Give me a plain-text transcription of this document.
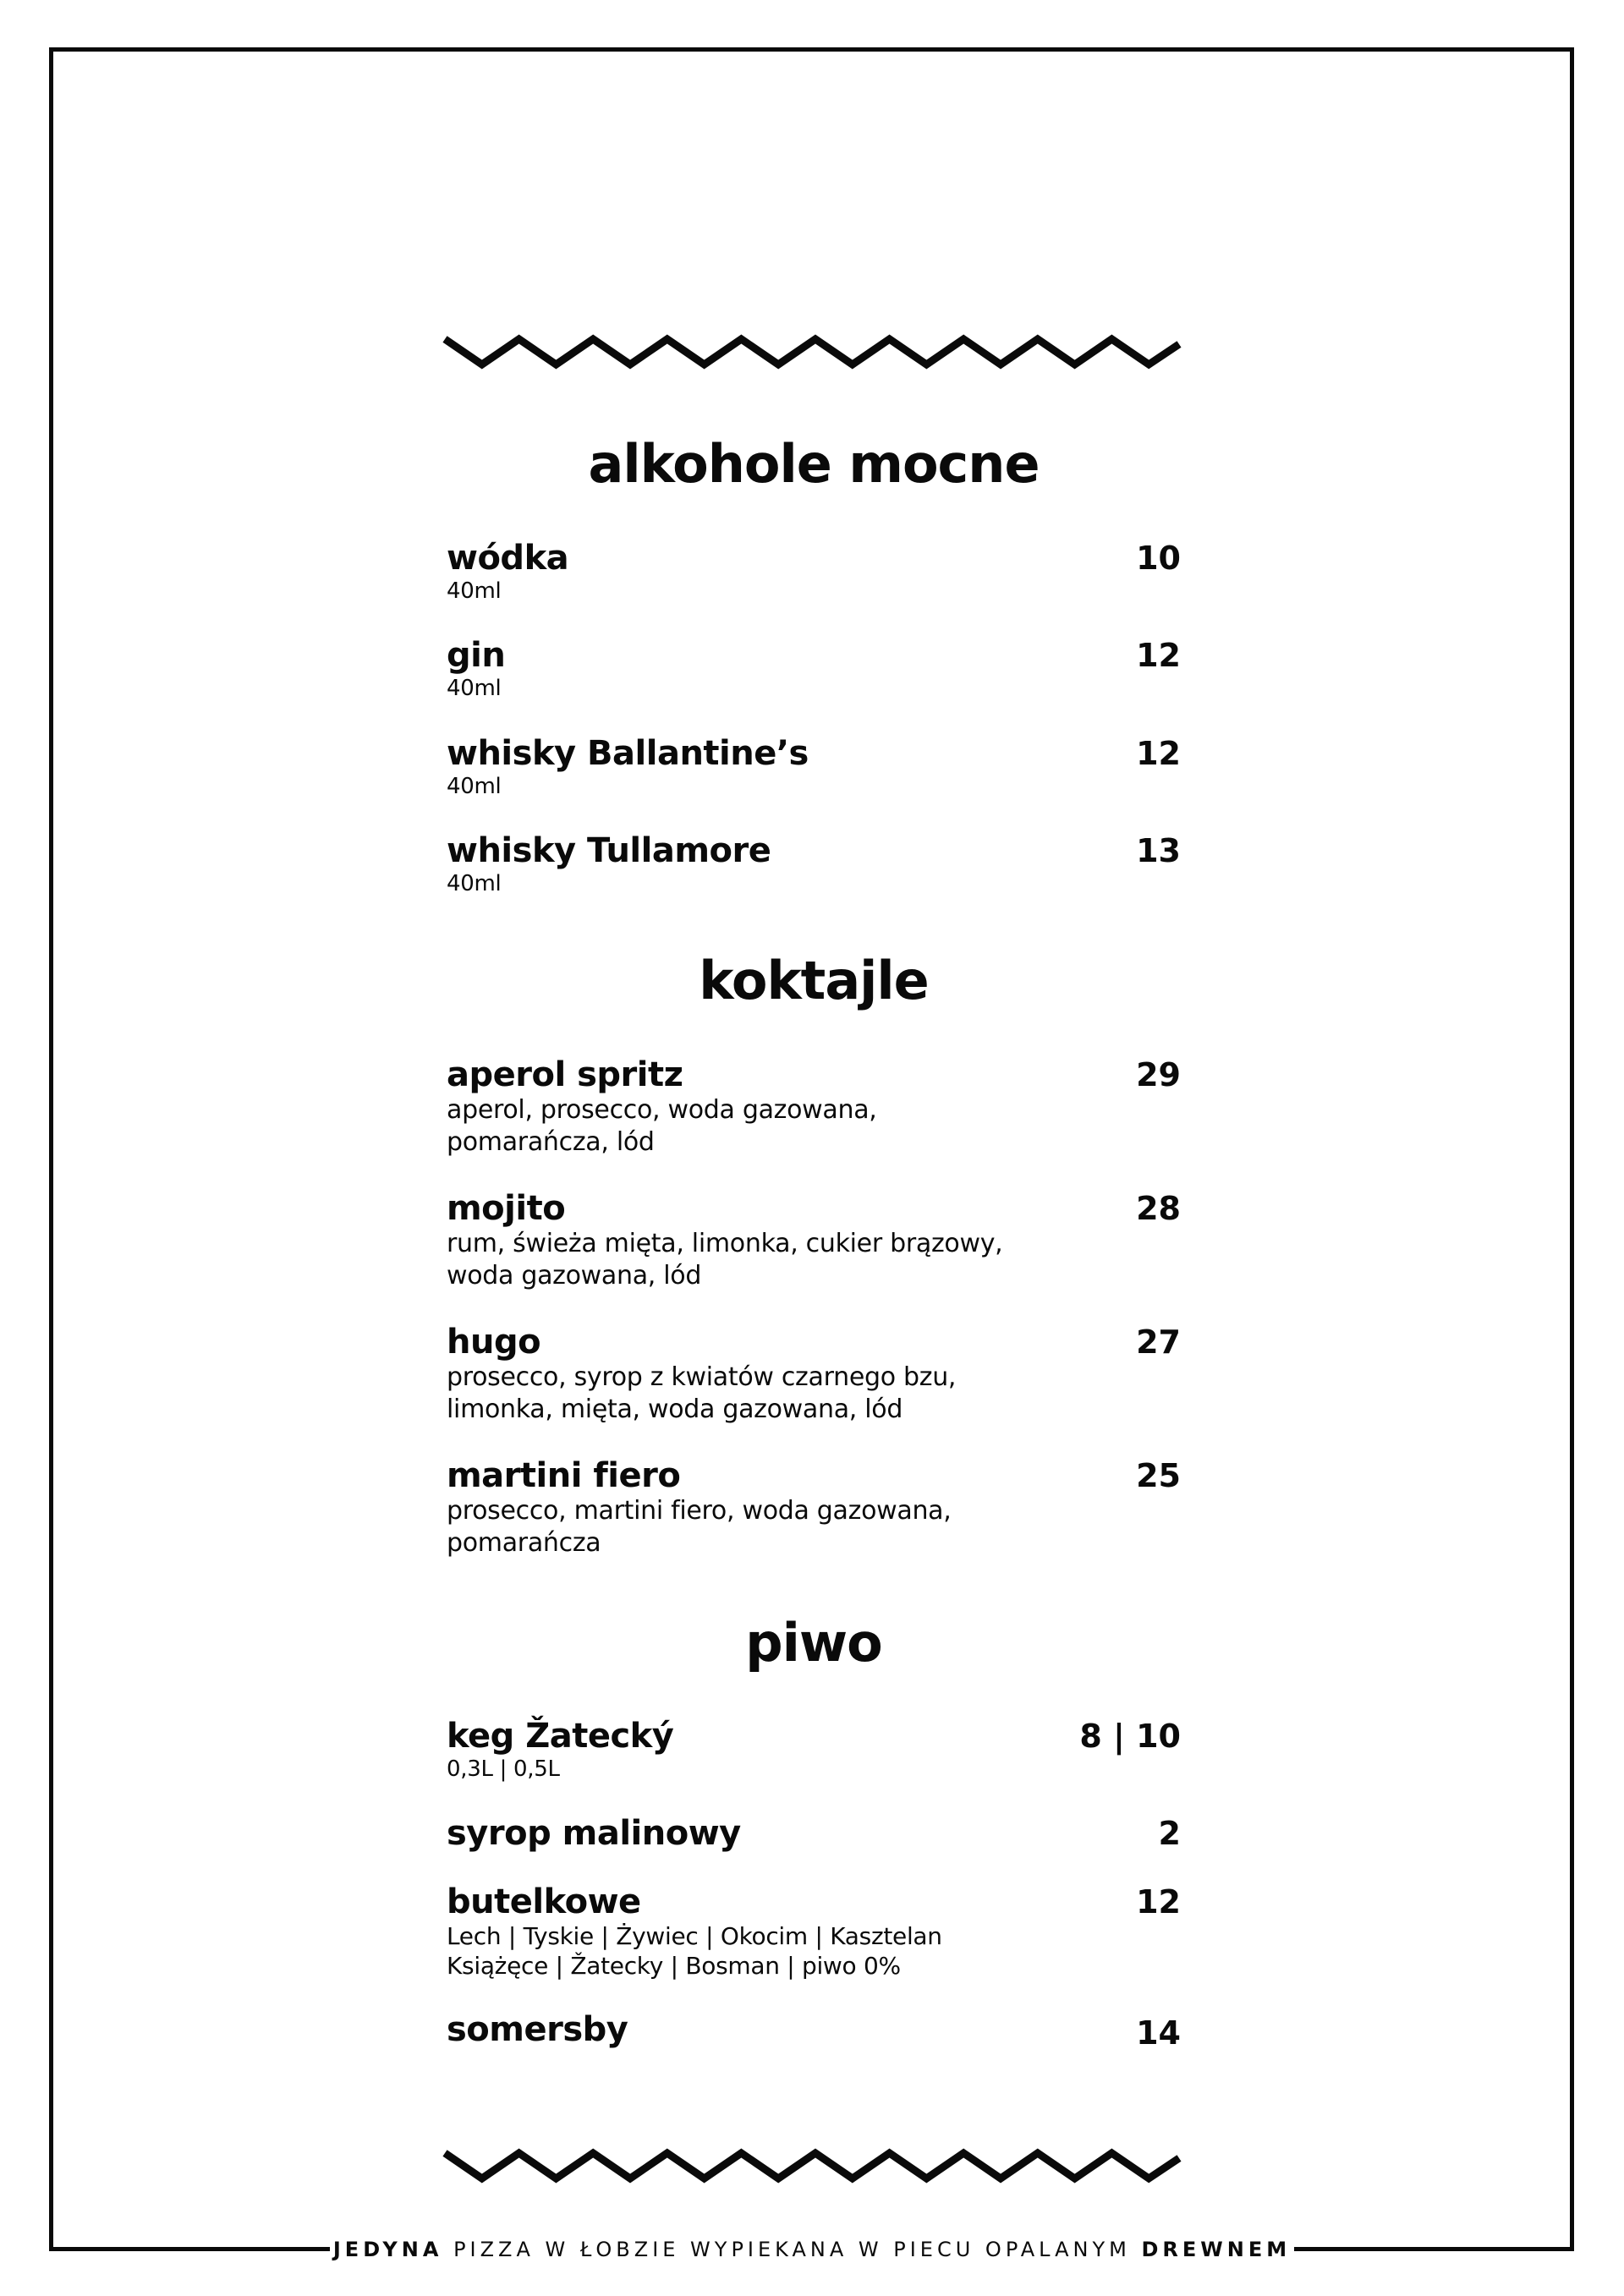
alkohole mocne
wódka
40ml
10
gin
40ml
12
whisky Ballantine’s
40ml
12
whisky Tullamore
40ml
13
koktajle
aperol spritz
aperol, prosecco, woda gazowana,
pomarańcza, lód
29
mojito
rum, świeża mięta, limonka, cukier brązowy,
woda gazowana, lód
28
hugo
prosecco, syrop z kwiatów czarnego bzu,
limonka, mięta, woda gazowana, lód
27
martini fiero
prosecco, martini fiero, woda gazowana,
pomarańcza
25
piwo
keg Žatecký
0,3L | 0,5L
8 | 10
syrop malinowy	2
butelkowe
Lech | Tyskie | Żywiec | Okocim | Kasztelan
Książęce | Žatecky | Bosman | piwo 0%
12
somersby	14
JEDYNA PIZZA W ŁOBZIE WYPIEKANA W PIECU OPALANYM DREWNEM
